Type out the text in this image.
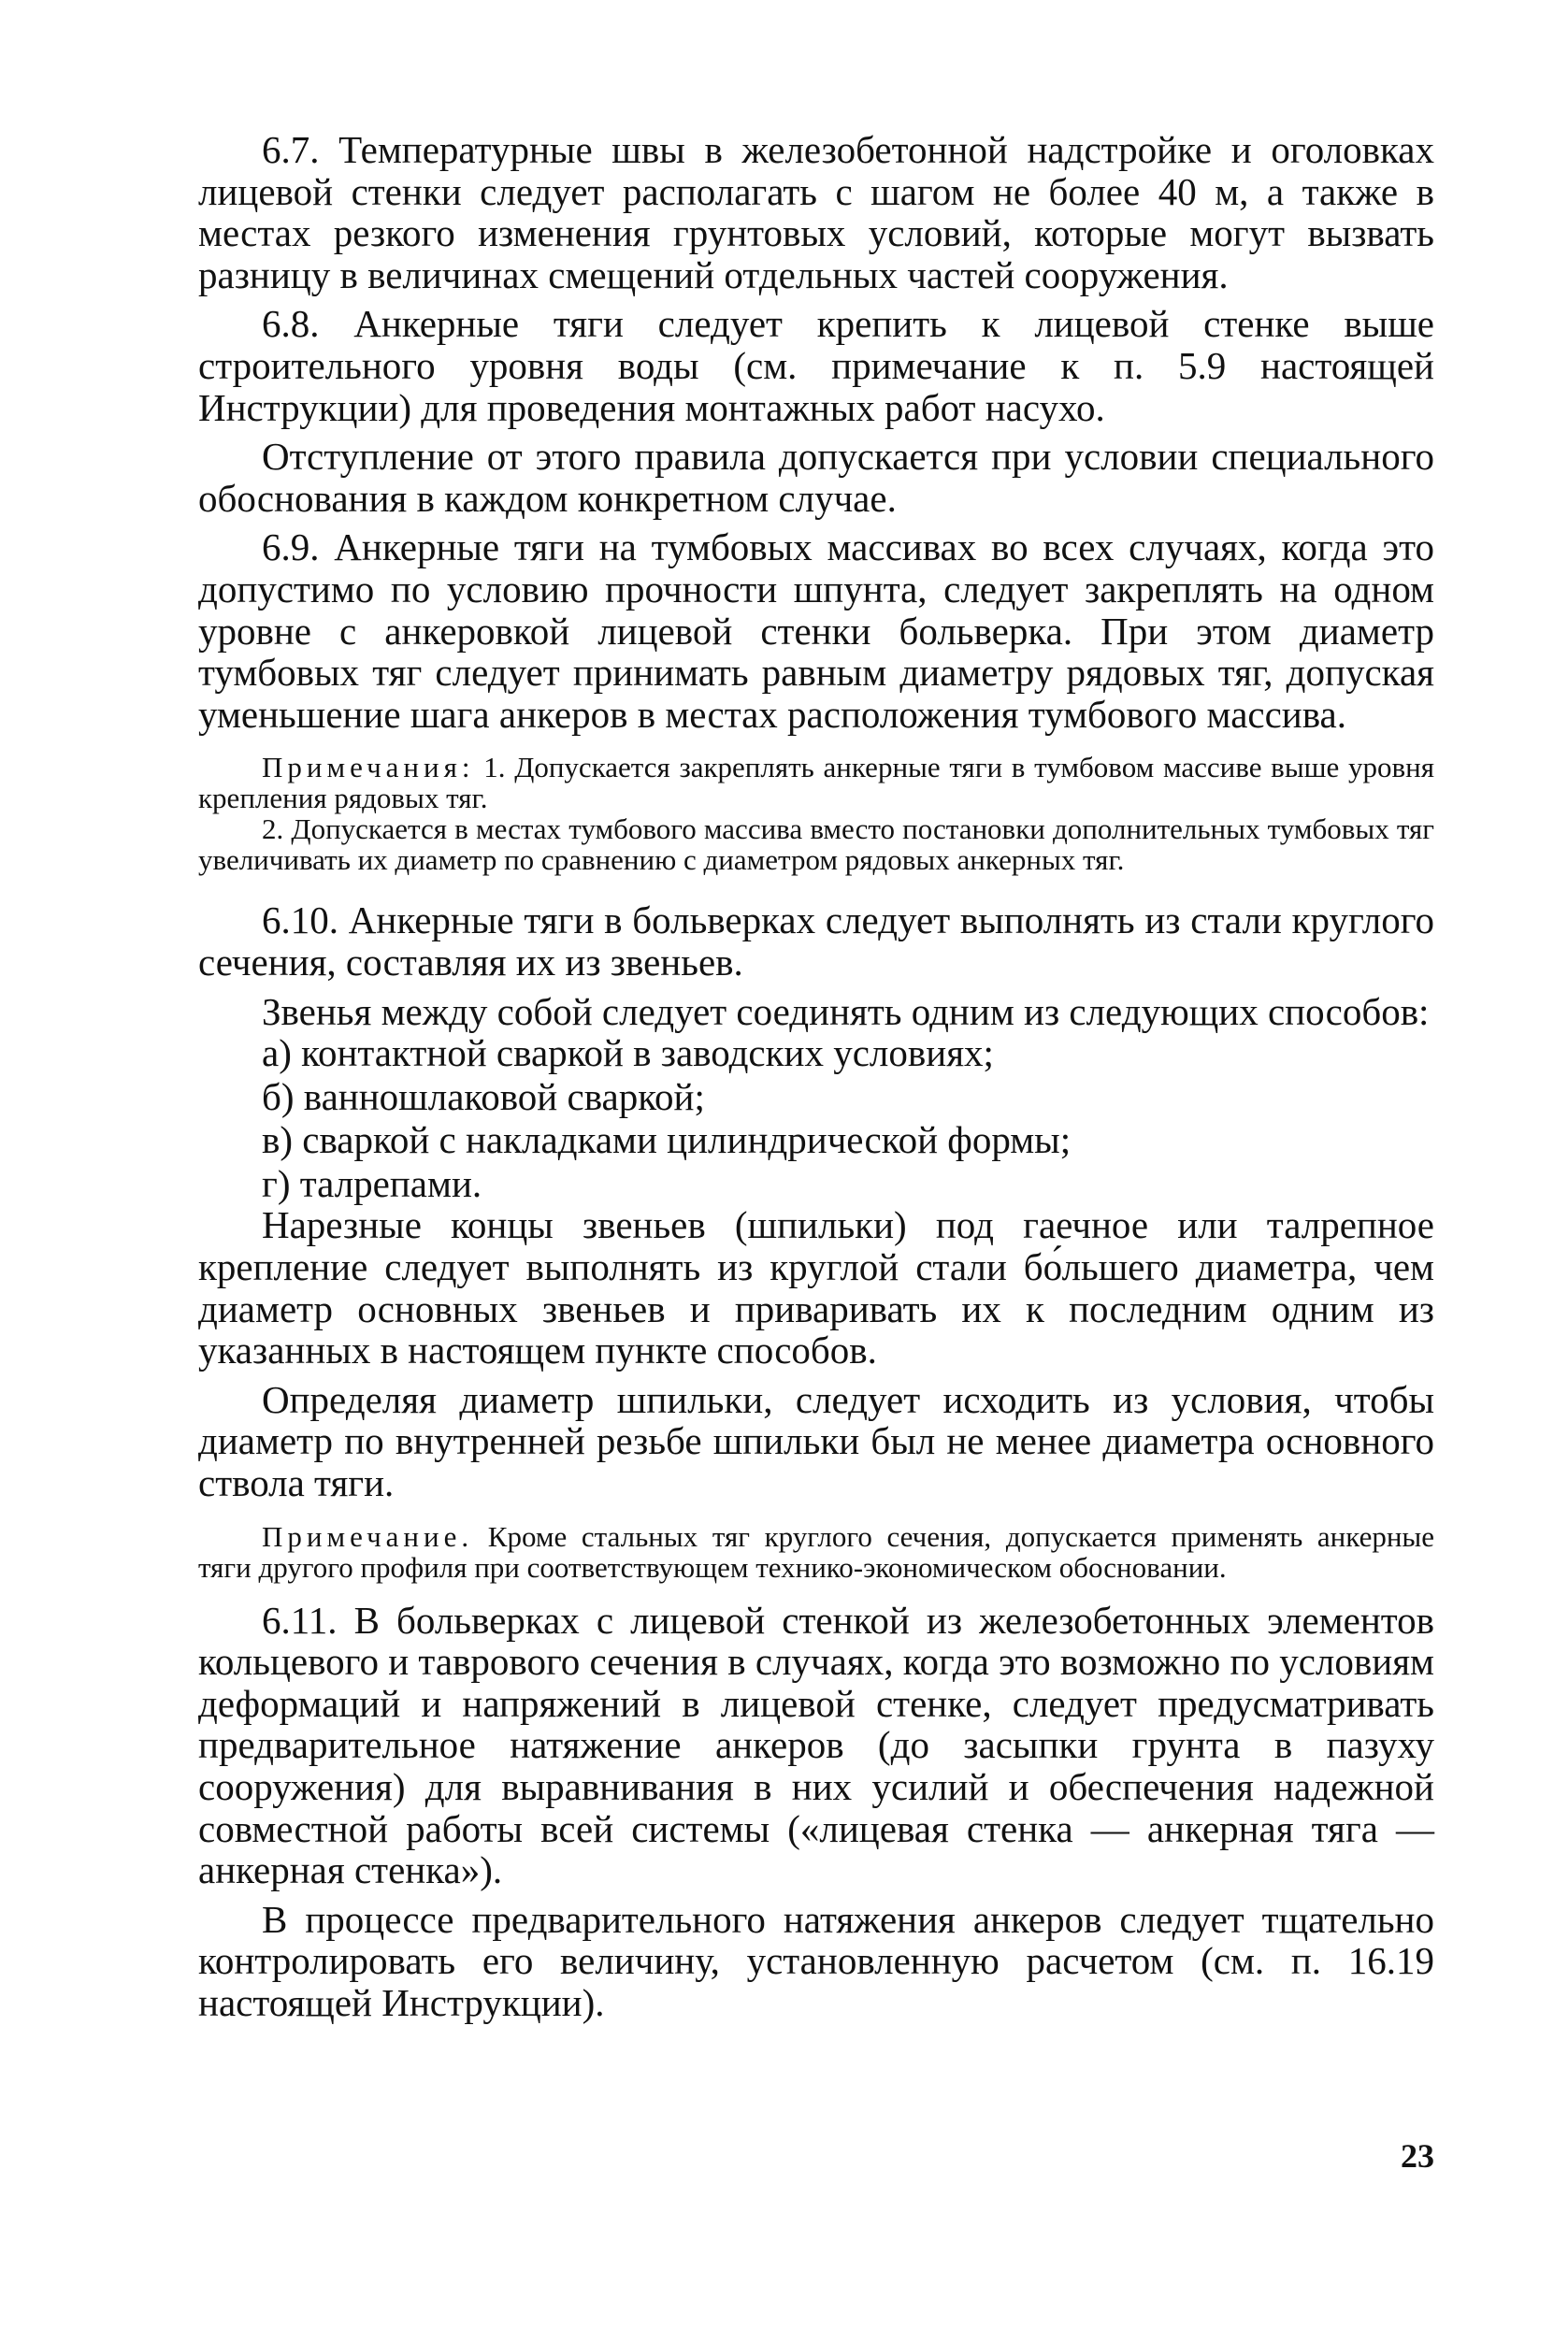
6.7. Температурные швы в железобетонной надстройке и оголовках лицевой стенки следует располагать с шагом не более 40 м, а также в местах резкого изменения грунтовых условий, которые могут вызвать разницу в величинах смещений отдельных частей сооружения.

6.8. Анкерные тяги следует крепить к лицевой стенке выше строительного уровня воды (см. примечание к п. 5.9 настоящей Инструкции) для проведения монтажных работ насухо.

Отступление от этого правила допускается при условии специального обоснования в каждом конкретном случае.

6.9. Анкерные тяги на тумбовых массивах во всех случаях, когда это допустимо по условию прочности шпунта, следует закреплять на одном уровне с анкеровкой лицевой стенки больверка. При этом диаметр тумбовых тяг следует принимать равным диаметру рядовых тяг, допуская уменьшение шага анкеров в местах расположения тумбового массива.

Примечания: 1. Допускается закреплять анкерные тяги в тумбовом массиве выше уровня крепления рядовых тяг.

2. Допускается в местах тумбового массива вместо постановки дополнительных тумбовых тяг увеличивать их диаметр по сравнению с диаметром рядовых анкерных тяг.

6.10. Анкерные тяги в больверках следует выполнять из стали круглого сечения, составляя их из звеньев.

Звенья между собой следует соединять одним из следующих способов:

а) контактной сваркой в заводских условиях;

б) ванношлаковой сваркой;

в) сваркой с накладками цилиндрической формы;

г) талрепами.

Нарезные концы звеньев (шпильки) под гаечное или талрепное крепление следует выполнять из круглой стали бо́льшего диаметра, чем диаметр основных звеньев и приваривать их к последним одним из указанных в настоящем пункте способов.

Определяя диаметр шпильки, следует исходить из условия, чтобы диаметр по внутренней резьбе шпильки был не менее диаметра основного ствола тяги.

Примечание. Кроме стальных тяг круглого сечения, допускается применять анкерные тяги другого профиля при соответствующем технико-экономическом обосновании.

6.11. В больверках с лицевой стенкой из железобетонных элементов кольцевого и таврового сечения в случаях, когда это возможно по условиям деформаций и напряжений в лицевой стенке, следует предусматривать предварительное натяжение анкеров (до засыпки грунта в пазуху сооружения) для выравнивания в них усилий и обеспечения надежной совместной работы всей системы («лицевая стенка — анкерная тяга — анкерная стенка»).

В процессе предварительного натяжения анкеров следует тщательно контролировать его величину, установленную расчетом (см. п. 16.19 настоящей Инструкции).

23
